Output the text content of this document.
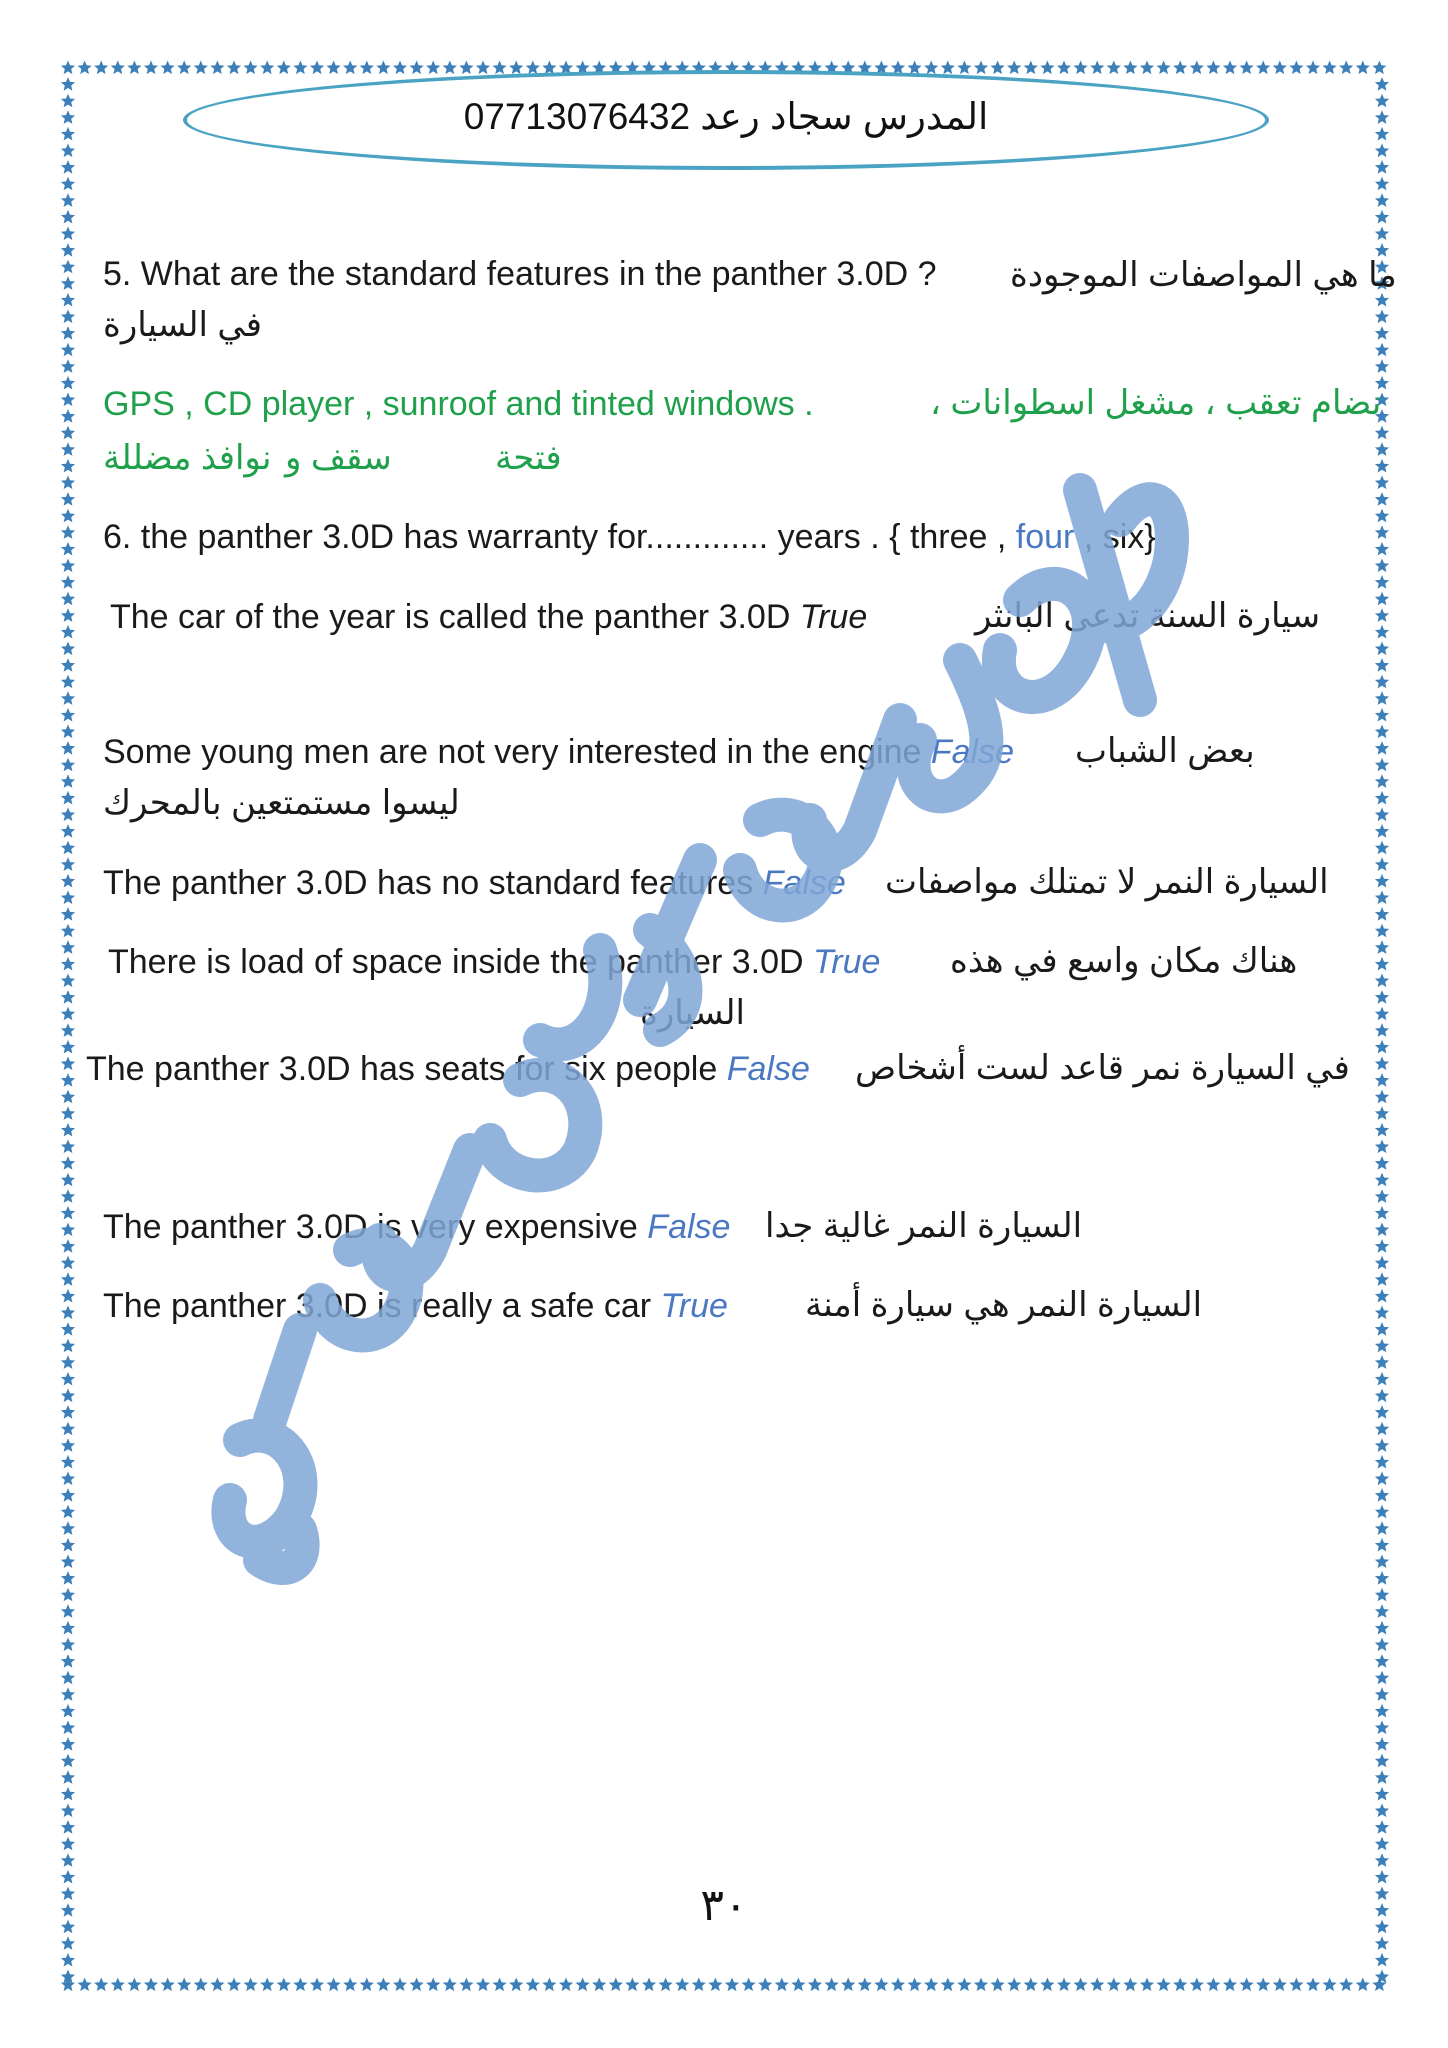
07713076432 المدرس سجاد رعد
5. What are the standard features in the panther 3.0D ? ما هي المواصفات الموجودة
في السيارة
GPS , CD player , sunroof and tinted windows .	نضام تعقب ، مشغل اسطوانات ،
نوافذ مضللة سقف و	فتحة
6. the panther 3.0D has warranty for............. years . { three , four , six}
The car of the year is called the panther 3.0D True	سيارة السنة تدعى البانثر
Some young men are not very interested in the engine False بعض الشباب
ليسوا مستمتعين بالمحرك
The panther 3.0D has no standard features False السيارة النمر لا تمتلك مواصفات
There is load of space inside the panther 3.0D True هناك مكان واسع في هذه
السيارة
The panther 3.0D has seats for six people False في السيارة نمر قاعد لست أشخاص
The panther 3.0D is very expensive False السيارة النمر غالية جدا
The panther 3.0D is really a safe car True السيارة النمر هي سيارة أمنة
٣٠
